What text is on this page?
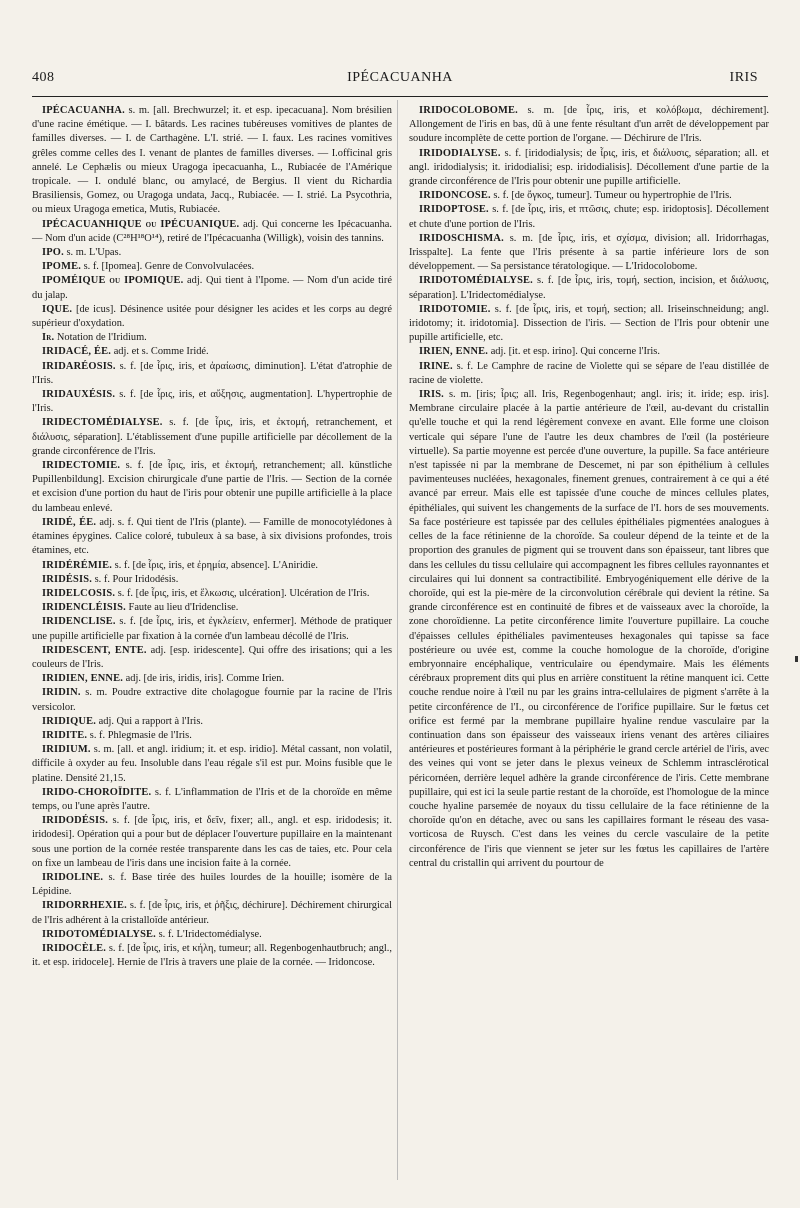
408	IPÉCACUANHA	IRIS

IPÉCACUANHA. s. m. [all. Brechwurzel; it. et esp. ipecacuana]. Nom brésilien d'une racine émétique. — I. bâtards. Les racines tubéreuses vomitives de plantes de familles diverses. — I. de Carthagène. L'I. strié. — I. faux. Les racines vomitives grêles comme celles des I. venant de plantes de familles diverses. — I.officinal gris annelé. Le Cephælis ou mieux Uragoga ipecacuanha, L., Rubiacée de l'Amérique tropicale. — I. ondulé blanc, ou amylacé, de Bergius. Il vient du Richardia Brasiliensis, Gomez, ou Uragoga undata, Jacq., Rubiacée. — I. strié. La Psycothria, ou mieux Uragoga emetica, Mutis, Rubiacée.

IPÉCACUANHIQUE ou IPÉCUANIQUE. adj. Qui concerne les Ipécacuanha. — Nom d'un acide (C²⁸H¹⁸O¹⁴), retiré de l'Ipécacuanha (Willigk), voisin des tannins.

IPO. s. m. L'Upas.

IPOME. s. f. [Ipomea]. Genre de Convolvulacées.

IPOMÉIQUE ou IPOMIQUE. adj. Qui tient à l'Ipome. — Nom d'un acide tiré du jalap.

IQUE. [de icus]. Désinence usitée pour désigner les acides et les corps au degré supérieur d'oxydation.

Ir. Notation de l'Iridium.

IRIDACÉ, ÉE. adj. et s. Comme Iridé.

IRIDARÉOSIS. s. f. [de ἶρις, iris, et ἀραίωσις, diminution]. L'état d'atrophie de l'Iris.

IRIDAUXÉSIS. s. f. [de ἶρις, iris, et αὔξησις, augmentation]. L'hypertrophie de l'Iris.

IRIDECTOMÉDIALYSE. s. f. [de ἶρις, iris, et ἐκτομή, retranchement, et διάλυσις, séparation]. L'établissement d'une pupille artificielle par décollement de la grande circonférence de l'Iris.

IRIDECTOMIE. s. f. [de ἶρις, iris, et ἐκτομή, retranchement; all. künstliche Pupillenbildung]. Excision chirurgicale d'une partie de l'Iris. — Section de la cornée et excision d'une portion du haut de l'iris pour obtenir une pupille artificielle à la place du lambeau enlevé.

IRIDÉ, ÉE. adj. s. f. Qui tient de l'Iris (plante). — Famille de monocotylédones à étamines épygines. Calice coloré, tubuleux à sa base, à six divisions profondes, trois étamines, etc.

IRIDÉRÉMIE. s. f. [de ἶρις, iris, et ἐρημία, absence]. L'Aniridie.

IRIDÉSIS. s. f. Pour Iridodésis.

IRIDELCOSIS. s. f. [de ἶρις, iris, et ἕλκωσις, ulcération]. Ulcération de l'Iris.

IRIDENCLÉISIS. Faute au lieu d'Iridenclise.

IRIDENCLISE. s. f. [de ἶρις, iris, et ἐγκλείειν, enfermer]. Méthode de pratiquer une pupille artificielle par fixation à la cornée d'un lambeau décollé de l'Iris.

IRIDESCENT, ENTE. adj. [esp. iridescente]. Qui offre des irisations; qui a les couleurs de l'Iris.

IRIDIEN, ENNE. adj. [de iris, iridis, iris]. Comme Irien.

IRIDIN. s. m. Poudre extractive dite cholagogue fournie par la racine de l'Iris versicolor.

IRIDIQUE. adj. Qui a rapport à l'Iris.

IRIDITE. s. f. Phlegmasie de l'Iris.

IRIDIUM. s. m. [all. et angl. iridium; it. et esp. iridio]. Métal cassant, non volatil, difficile à oxyder au feu. Insoluble dans l'eau régale s'il est pur. Moins fusible que le platine. Densité 21,15.

IRIDO-CHOROÏDITE. s. f. L'inflammation de l'Iris et de la choroïde en même temps, ou l'une après l'autre.

IRIDODÉSIS. s. f. [de ἶρις, iris, et δεῖν, fixer; all., angl. et esp. iridodesis; it. iridodesi]. Opération qui a pour but de déplacer l'ouverture pupillaire en la maintenant sous une portion de la cornée restée transparente dans les cas de taies, etc. Pour cela on fixe un lambeau de l'iris dans une incision faite à la cornée.

IRIDOLINE. s. f. Base tirée des huiles lourdes de la houille; isomère de la Lépidine.

IRIDORRHEXIE. s. f. [de ἶρις, iris, et ῥῆξις, déchirure]. Déchirement chirurgical de l'Iris adhérent à la cristalloïde antérieur.

IRIDOTOMÉDIALYSE. s. f. L'Iridectomédialyse.

IRIDOCÈLE. s. f. [de ἶρις, iris, et κήλη, tumeur; all. Regenbogenhautbruch; angl., it. et esp. iridocele]. Hernie de l'Iris à travers une plaie de la cornée. — Iridoncose.

IRIDOCOLOBOME. s. m. [de ἶρις, iris, et κολόβωμα, déchirement]. Allongement de l'iris en bas, dû à une fente résultant d'un arrêt de développement par soudure incomplète de cette portion de l'organe. — Déchirure de l'Iris.

IRIDODIALYSE. s. f. [iridodialysis; de ἶρις, iris, et διάλυσις, séparation; all. et angl. iridodialysis; it. iridodialisi; esp. iridodialisis]. Décollement d'une partie de la grande circonférence de l'Iris pour obtenir une pupille artificielle.

IRIDONCOSE. s. f. [de ὄγκος, tumeur]. Tumeur ou hypertrophie de l'Iris.

IRIDOPTOSE. s. f. [de ἶρις, iris, et πτῶσις, chute; esp. iridoptosis]. Décollement et chute d'une portion de l'Iris.

IRIDOSCHISMA. s. m. [de ἶρις, iris, et σχίσμα, division; all. Iridorrhagas, Irisspalte]. La fente que l'Iris présente à sa partie inférieure lors de son développement. — Sa persistance tératologique. — L'Iridocolobome.

IRIDOTOMÉDIALYSE. s. f. [de ἶρις, iris, τομή, section, incision, et διάλυσις, séparation]. L'Iridectomédialyse.

IRIDOTOMIE. s. f. [de ἶρις, iris, et τομή, section; all. Iriseinschneidung; angl. iridotomy; it. iridotomia]. Dissection de l'iris. — Section de l'Iris pour obtenir une pupille artificielle, etc.

IRIEN, ENNE. adj. [it. et esp. irino]. Qui concerne l'Iris.

IRINE. s. f. Le Camphre de racine de Violette qui se sépare de l'eau distillée de racine de violette.

IRIS. s. m. [iris; ἶρις; all. Iris, Regenbogenhaut; angl. iris; it. iride; esp. iris]. Membrane circulaire placée à la partie antérieure de l'œil, au-devant du cristallin qu'elle touche et qui la rend légèrement convexe en avant. Elle forme une cloison verticale qui sépare l'une de l'autre les deux chambres de l'œil (la postérieure virtuelle). Sa partie moyenne est percée d'une ouverture, la pupille. Sa face antérieure n'est tapissée ni par la membrane de Descemet, ni par son épithélium à cellules pavimenteuses nucléées, hexagonales, finement grenues, contrairement à ce qui a été avancé par erreur. Mais elle est tapissée d'une couche de minces cellules plates, épithéliales, qui suivent les changements de la surface de l'I. hors de ses mouvements. Sa face postérieure est tapissée par des cellules épithéliales pigmentées analogues à celles de la face rétinienne de la choroïde. Sa couleur dépend de la teinte et de la proportion des granules de pigment qui se trouvent dans son épaisseur, tant libres que dans les cellules du tissu cellulaire qui accompagnent les fibres cellules rayonnantes et circulaires qui lui donnent sa contractibilité. Embryogéniquement elle dérive de la choroïde, qui est la pie-mère de la circonvolution cérébrale qui devient la rétine. Sa grande circonférence est en continuité de fibres et de vaisseaux avec la choroïde, la zone choroïdienne. La petite circonférence limite l'ouverture pupillaire. La couche d'épaisses cellules épithéliales pavimenteuses hexagonales qui tapisse sa face postérieure ou uvée est, comme la couche homologue de la choroïde, d'origine embryonnaire encéphalique, ventriculaire ou épendymaire. Mais les éléments cérébraux proprement dits qui plus en arrière constituent la rétine manquent ici. Cette couche rendue noire à l'œil nu par les grains intra-cellulaires de pigment s'arrête à la petite circonférence de l'I., ou circonférence de l'orifice pupillaire. Sur le fœtus cet orifice est fermé par la membrane pupillaire hyaline rendue vasculaire par la continuation dans son épaisseur des vaisseaux iriens venant des artères ciliaires antérieures et postérieures formant à la périphérie le grand cercle artériel de l'iris, avec des veines qui vont se jeter dans le plexus veineux de Schlemm intrasclérotical péricornéen, derrière lequel adhère la grande circonférence de l'iris. Cette membrane pupillaire, qui est ici la seule partie restant de la choroïde, est l'homologue de la mince couche hyaline parsemée de noyaux du tissu cellulaire de la face rétinienne de la choroïde qu'on en détache, avec ou sans les capillaires formant le réseau des vasa-vorticosa de Ruysch. C'est dans les veines du cercle vasculaire de la petite circonférence de l'iris que viennent se jeter sur les fœtus les capillaires de l'artère central du cristallin qui arrivent du pourtour de
